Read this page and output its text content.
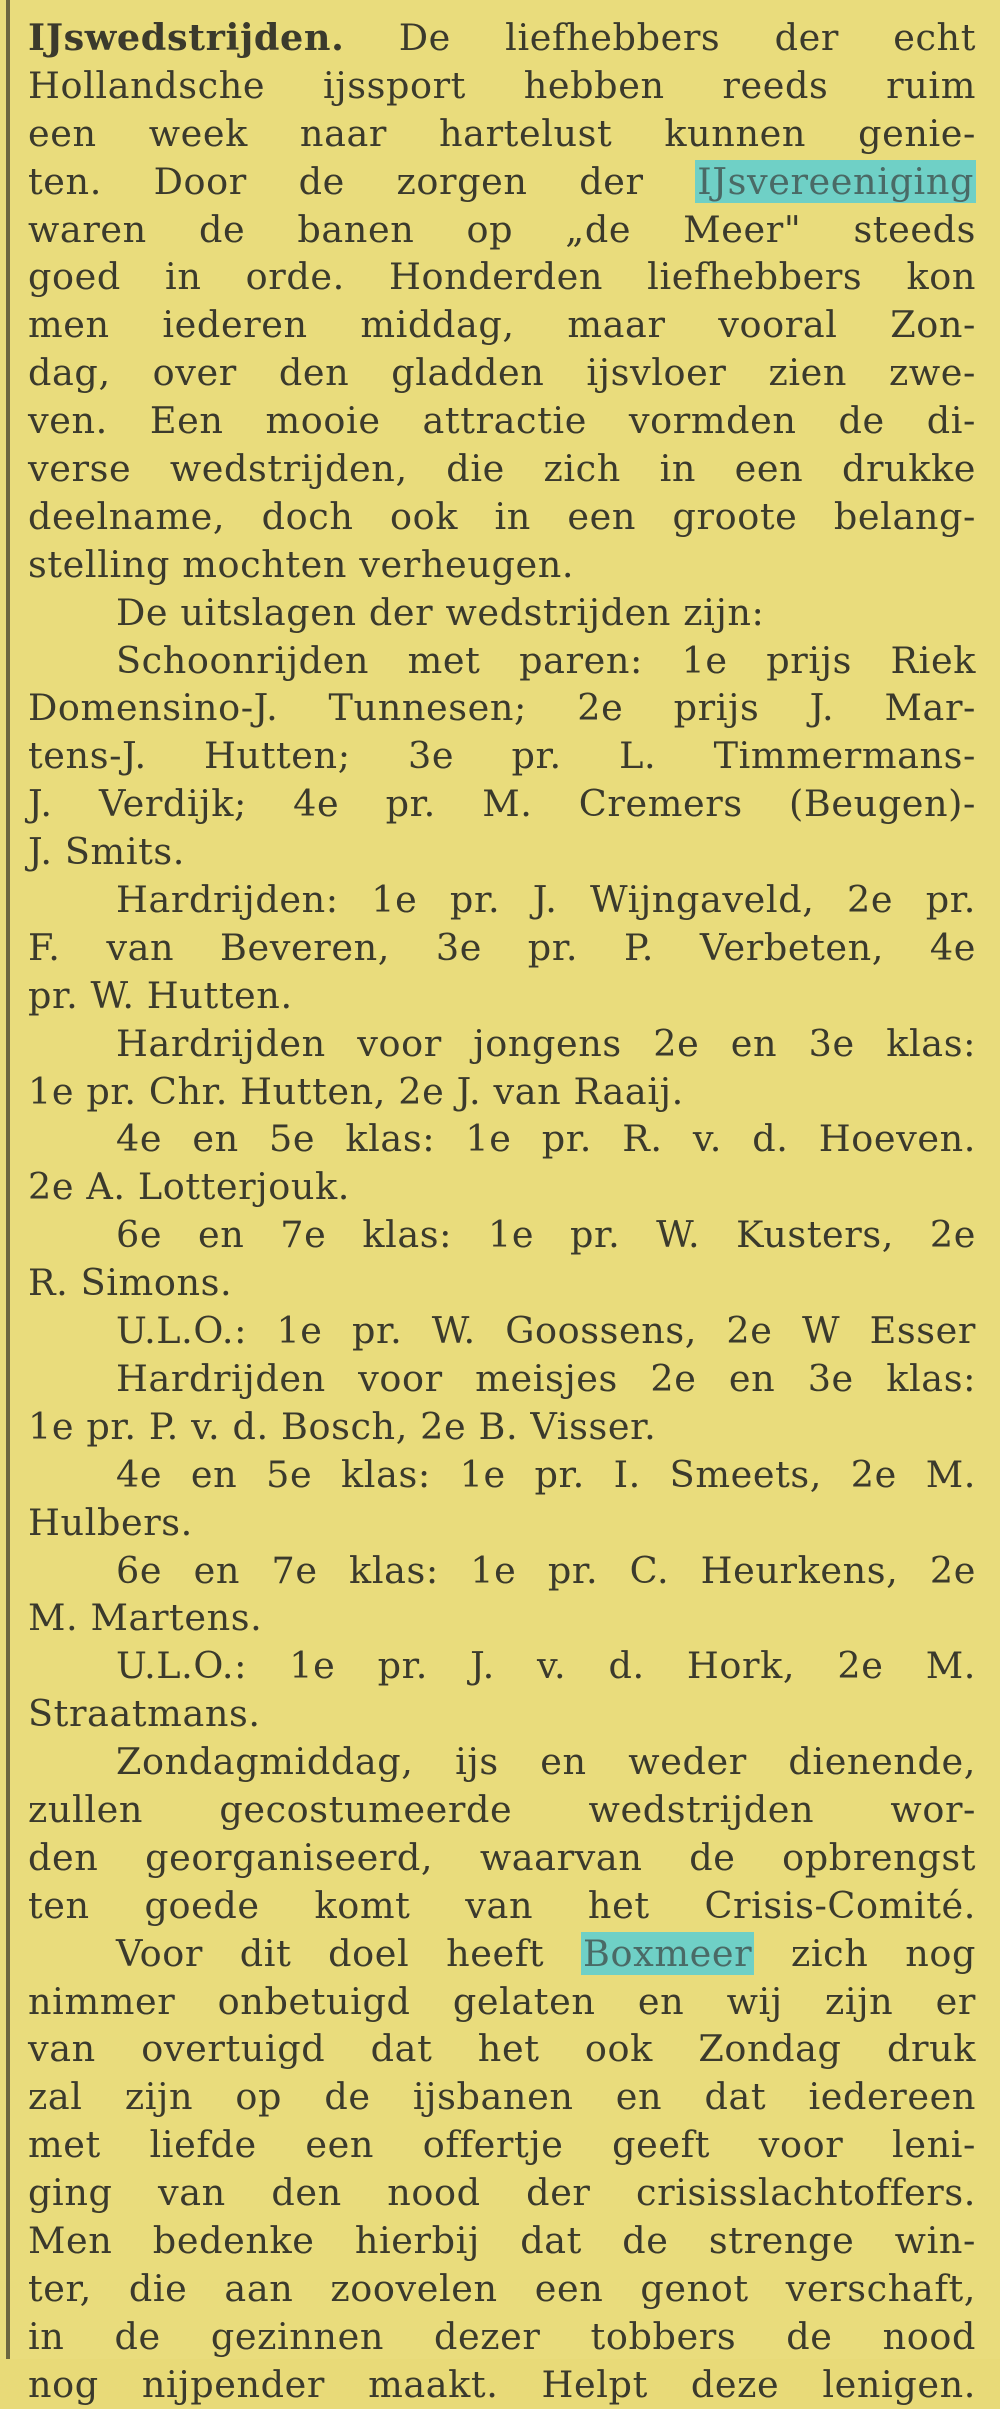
IJswedstrijden. De liefhebbers der echt
Hollandsche ijssport hebben reeds ruim
een week naar hartelust kunnen genie-
ten. Door de zorgen der IJsvereeniging
waren de banen op „de Meer" steeds
goed in orde. Honderden liefhebbers kon
men iederen middag, maar vooral Zon-
dag, over den gladden ijsvloer zien zwe-
ven. Een mooie attractie vormden de di-
verse wedstrijden, die zich in een drukke
deelname, doch ook in een groote belang-
stelling mochten verheugen.
De uitslagen der wedstrijden zijn:
Schoonrijden met paren: 1e prijs Riek
Domensino-J. Tunnesen; 2e prijs J. Mar-
tens-J. Hutten; 3e pr. L. Timmermans-
J. Verdijk; 4e pr. M. Cremers (Beugen)-
J. Smits.
Hardrijden: 1e pr. J. Wijngaveld, 2e pr.
F. van Beveren, 3e pr. P. Verbeten, 4e
pr. W. Hutten.
Hardrijden voor jongens 2e en 3e klas:
1e pr. Chr. Hutten, 2e J. van Raaij.
4e en 5e klas: 1e pr. R. v. d. Hoeven.
2e A. Lotterjouk.
6e en 7e klas: 1e pr. W. Kusters, 2e
R. Simons.
U.L.O.: 1e pr. W. Goossens, 2e W Esser
Hardrijden voor meisjes 2e en 3e klas:
1e pr. P. v. d. Bosch, 2e B. Visser.
4e en 5e klas: 1e pr. I. Smeets, 2e M.
Hulbers.
6e en 7e klas: 1e pr. C. Heurkens, 2e
M. Martens.
U.L.O.: 1e pr. J. v. d. Hork, 2e M.
Straatmans.
Zondagmiddag, ijs en weder dienende,
zullen gecostumeerde wedstrijden wor-
den georganiseerd, waarvan de opbrengst
ten goede komt van het Crisis-Comité.
Voor dit doel heeft Boxmeer zich nog
nimmer onbetuigd gelaten en wij zijn er
van overtuigd dat het ook Zondag druk
zal zijn op de ijsbanen en dat iedereen
met liefde een offertje geeft voor leni-
ging van den nood der crisisslachtoffers.
Men bedenke hierbij dat de strenge win-
ter, die aan zoovelen een genot verschaft,
in de gezinnen dezer tobbers de nood
nog nijpender maakt. Helpt deze lenigen.
